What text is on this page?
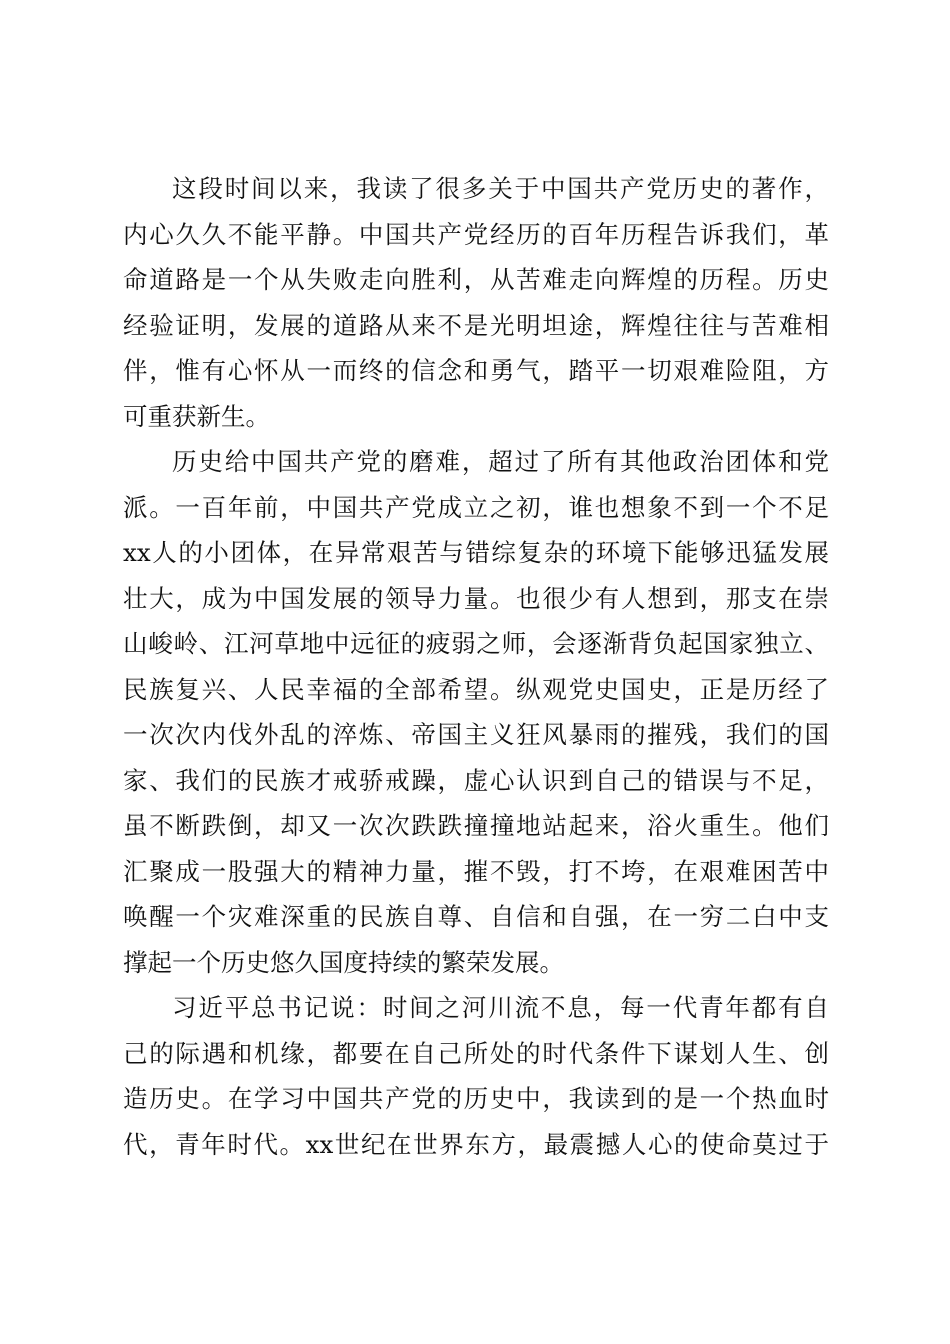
这段时间以来，我读了很多关于中国共产党历史的著作，
内心久久不能平静。中国共产党经历的百年历程告诉我们，革
命道路是一个从失败走向胜利，从苦难走向辉煌的历程。历史
经验证明，发展的道路从来不是光明坦途，辉煌往往与苦难相
伴，惟有心怀从一而终的信念和勇气，踏平一切艰难险阻，方
可重获新生。
历史给中国共产党的磨难，超过了所有其他政治团体和党
派。一百年前，中国共产党成立之初，谁也想象不到一个不足
xx人的小团体，在异常艰苦与错综复杂的环境下能够迅猛发展
壮大，成为中国发展的领导力量。也很少有人想到，那支在崇
山峻岭、江河草地中远征的疲弱之师，会逐渐背负起国家独立、
民族复兴、人民幸福的全部希望。纵观党史国史，正是历经了
一次次内伐外乱的淬炼、帝国主义狂风暴雨的摧残，我们的国
家、我们的民族才戒骄戒躁，虚心认识到自己的错误与不足，
虽不断跌倒，却又一次次跌跌撞撞地站起来，浴火重生。他们
汇聚成一股强大的精神力量，摧不毁，打不垮，在艰难困苦中
唤醒一个灾难深重的民族自尊、自信和自强，在一穷二白中支
撑起一个历史悠久国度持续的繁荣发展。
习近平总书记说：时间之河川流不息，每一代青年都有自
己的际遇和机缘，都要在自己所处的时代条件下谋划人生、创
造历史。在学习中国共产党的历史中，我读到的是一个热血时
代，青年时代。xx世纪在世界东方，最震撼人心的使命莫过于
